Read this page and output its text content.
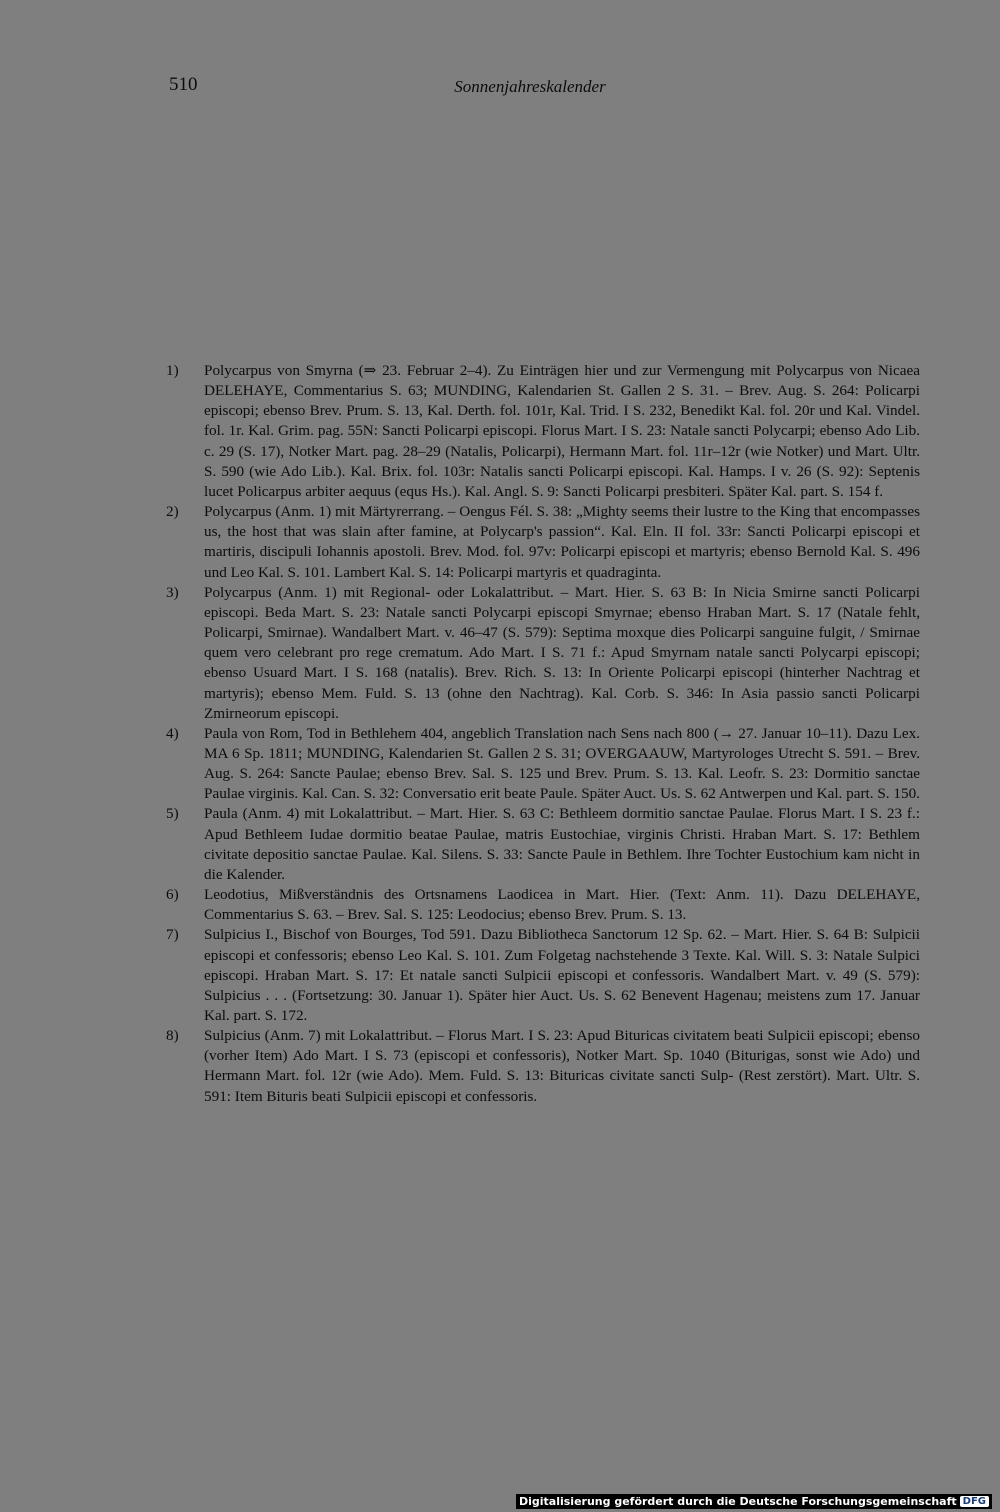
510	Sonnenjahreskalender

1)	Polycarpus von Smyrna (⇒ 23. Februar 2–4). Zu Einträgen hier und zur Vermengung mit Polycarpus von Nicaea DELEHAYE, Commentarius S. 63; MUNDING, Kalendarien St. Gallen 2 S. 31. – Brev. Aug. S. 264: Policarpi episcopi; ebenso Brev. Prum. S. 13, Kal. Derth. fol. 101r, Kal. Trid. I S. 232, Benedikt Kal. fol. 20r und Kal. Vindel. fol. 1r. Kal. Grim. pag. 55N: Sancti Policarpi episcopi. Florus Mart. I S. 23: Natale sancti Polycarpi; ebenso Ado Lib. c. 29 (S. 17), Notker Mart. pag. 28–29 (Natalis, Policarpi), Hermann Mart. fol. 11r–12r (wie Notker) und Mart. Ultr. S. 590 (wie Ado Lib.). Kal. Brix. fol. 103r: Natalis sancti Policarpi episcopi. Kal. Hamps. I v. 26 (S. 92): Septenis lucet Policarpus arbiter aequus (equs Hs.). Kal. Angl. S. 9: Sancti Policarpi presbiteri. Später Kal. part. S. 154 f.

2)	Polycarpus (Anm. 1) mit Märtyrerrang. – Oengus Fél. S. 38: „Mighty seems their lustre to the King that encompasses us, the host that was slain after famine, at Polycarp's passion“. Kal. Eln. II fol. 33r: Sancti Policarpi episcopi et martiris, discipuli Iohannis apostoli. Brev. Mod. fol. 97v: Policarpi episcopi et martyris; ebenso Bernold Kal. S. 496 und Leo Kal. S. 101. Lambert Kal. S. 14: Policarpi martyris et quadraginta.

3)	Polycarpus (Anm. 1) mit Regional- oder Lokalattribut. – Mart. Hier. S. 63 B: In Nicia Smirne sancti Policarpi episcopi. Beda Mart. S. 23: Natale sancti Polycarpi episcopi Smyrnae; ebenso Hraban Mart. S. 17 (Natale fehlt, Policarpi, Smirnae). Wandalbert Mart. v. 46–47 (S. 579): Septima moxque dies Policarpi sanguine fulgit, / Smirnae quem vero celebrant pro rege crematum. Ado Mart. I S. 71 f.: Apud Smyrnam natale sancti Polycarpi episcopi; ebenso Usuard Mart. I S. 168 (natalis). Brev. Rich. S. 13: In Oriente Policarpi episcopi (hinterher Nachtrag et martyris); ebenso Mem. Fuld. S. 13 (ohne den Nachtrag). Kal. Corb. S. 346: In Asia passio sancti Policarpi Zmirneorum episcopi.

4)	Paula von Rom, Tod in Bethlehem 404, angeblich Translation nach Sens nach 800 (→ 27. Januar 10–11). Dazu Lex. MA 6 Sp. 1811; MUNDING, Kalendarien St. Gallen 2 S. 31; OVERGAAUW, Martyrologes Utrecht S. 591. – Brev. Aug. S. 264: Sancte Paulae; ebenso Brev. Sal. S. 125 und Brev. Prum. S. 13. Kal. Leofr. S. 23: Dormitio sanctae Paulae virginis. Kal. Can. S. 32: Conversatio erit beate Paule. Später Auct. Us. S. 62 Antwerpen und Kal. part. S. 150.

5)	Paula (Anm. 4) mit Lokalattribut. – Mart. Hier. S. 63 C: Bethleem dormitio sanctae Paulae. Florus Mart. I S. 23 f.: Apud Bethleem Iudae dormitio beatae Paulae, matris Eustochiae, virginis Christi. Hraban Mart. S. 17: Bethlem civitate depositio sanctae Paulae. Kal. Silens. S. 33: Sancte Paule in Bethlem. Ihre Tochter Eustochium kam nicht in die Kalender.

6)	Leodotius, Mißverständnis des Ortsnamens Laodicea in Mart. Hier. (Text: Anm. 11). Dazu DELEHAYE, Commentarius S. 63. – Brev. Sal. S. 125: Leodocius; ebenso Brev. Prum. S. 13.

7)	Sulpicius I., Bischof von Bourges, Tod 591. Dazu Bibliotheca Sanctorum 12 Sp. 62. – Mart. Hier. S. 64 B: Sulpicii episcopi et confessoris; ebenso Leo Kal. S. 101. Zum Folgetag nachstehende 3 Texte. Kal. Will. S. 3: Natale Sulpici episcopi. Hraban Mart. S. 17: Et natale sancti Sulpicii episcopi et confessoris. Wandalbert Mart. v. 49 (S. 579): Sulpicius . . . (Fortsetzung: 30. Januar 1). Später hier Auct. Us. S. 62 Benevent Hagenau; meistens zum 17. Januar Kal. part. S. 172.

8)	Sulpicius (Anm. 7) mit Lokalattribut. – Florus Mart. I S. 23: Apud Bituricas civitatem beati Sulpicii episcopi; ebenso (vorher Item) Ado Mart. I S. 73 (episcopi et confessoris), Notker Mart. Sp. 1040 (Biturigas, sonst wie Ado) und Hermann Mart. fol. 12r (wie Ado). Mem. Fuld. S. 13: Bituricas civitate sancti Sulp- (Rest zerstört). Mart. Ultr. S. 591: Item Bituris beati Sulpicii episcopi et confessoris.

Digitalisierung gefördert durch die Deutsche Forschungsgemeinschaft DFG
